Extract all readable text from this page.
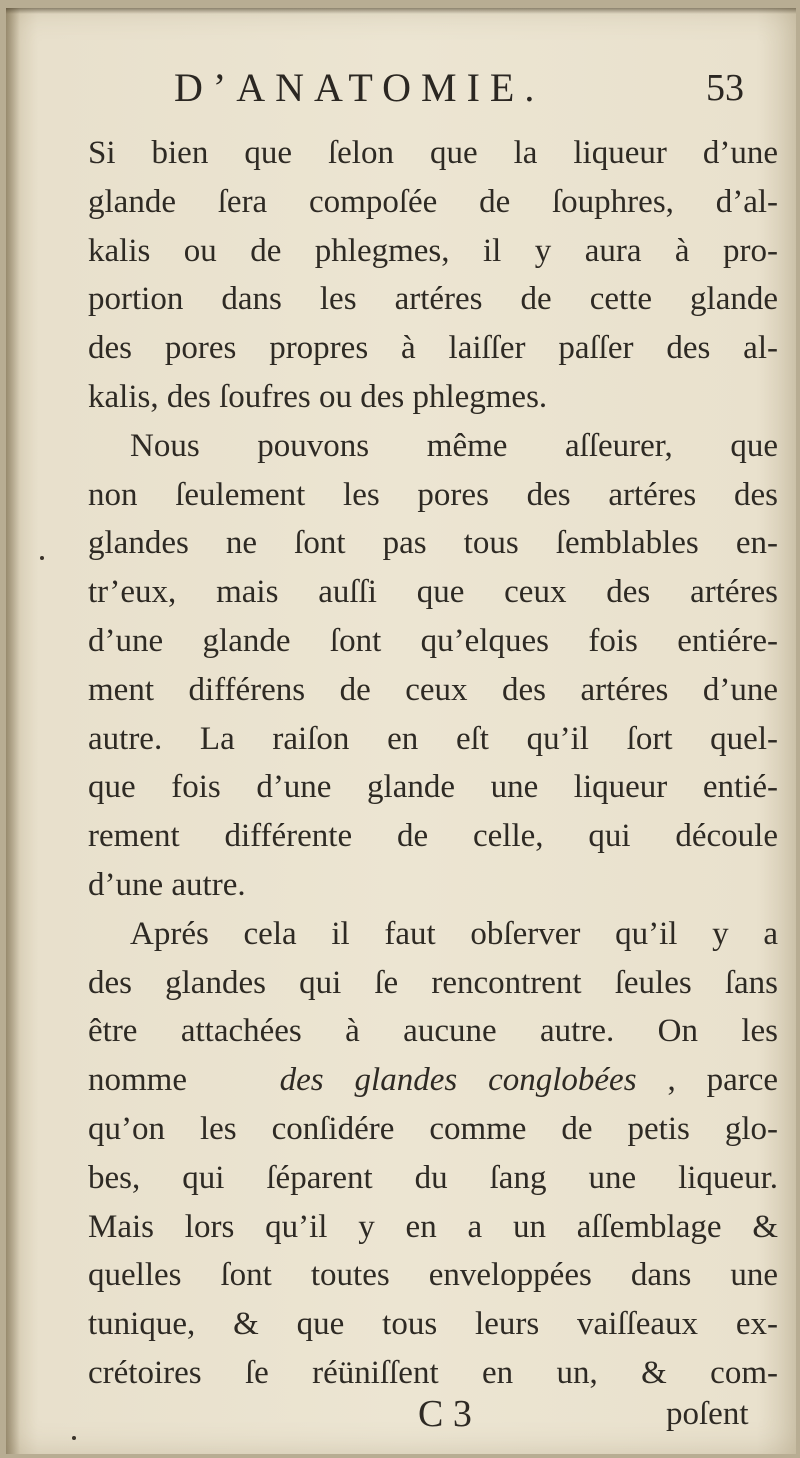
D’ANATOMIE.	53
Si bien que ſelon que la liqueur d’une
glande ſera compoſée de ſouphres, d’al-
kalis ou de phlegmes, il y aura à pro-
portion dans les artéres de cette glande
des pores propres à laiſſer paſſer des al-
kalis, des ſoufres ou des phlegmes.
Nous pouvons même aſſeurer, que
non ſeulement les pores des artéres des
glandes ne ſont pas tous ſemblables en-
tr’eux, mais auſſi que ceux des artéres
d’une glande ſont qu’elques fois entiére-
ment différens de ceux des artéres d’une
autre. La raiſon en eſt qu’il ſort quel-
que fois d’une glande une liqueur entié-
rement différente de celle, qui découle
d’une autre.
Aprés cela il faut obſerver qu’il y a
des glandes qui ſe rencontrent ſeules ſans
être attachées à aucune autre. On les
nomme	des glandes conglobées , parce
qu’on les conſidére comme de petis glo-
bes, qui ſéparent du ſang une liqueur.
Mais lors qu’il y en a un aſſemblage &
quelles ſont toutes enveloppées dans une
tunique, & que tous leurs vaiſſeaux ex-
crétoires ſe réüniſſent en un, & com-
C 3	poſent
